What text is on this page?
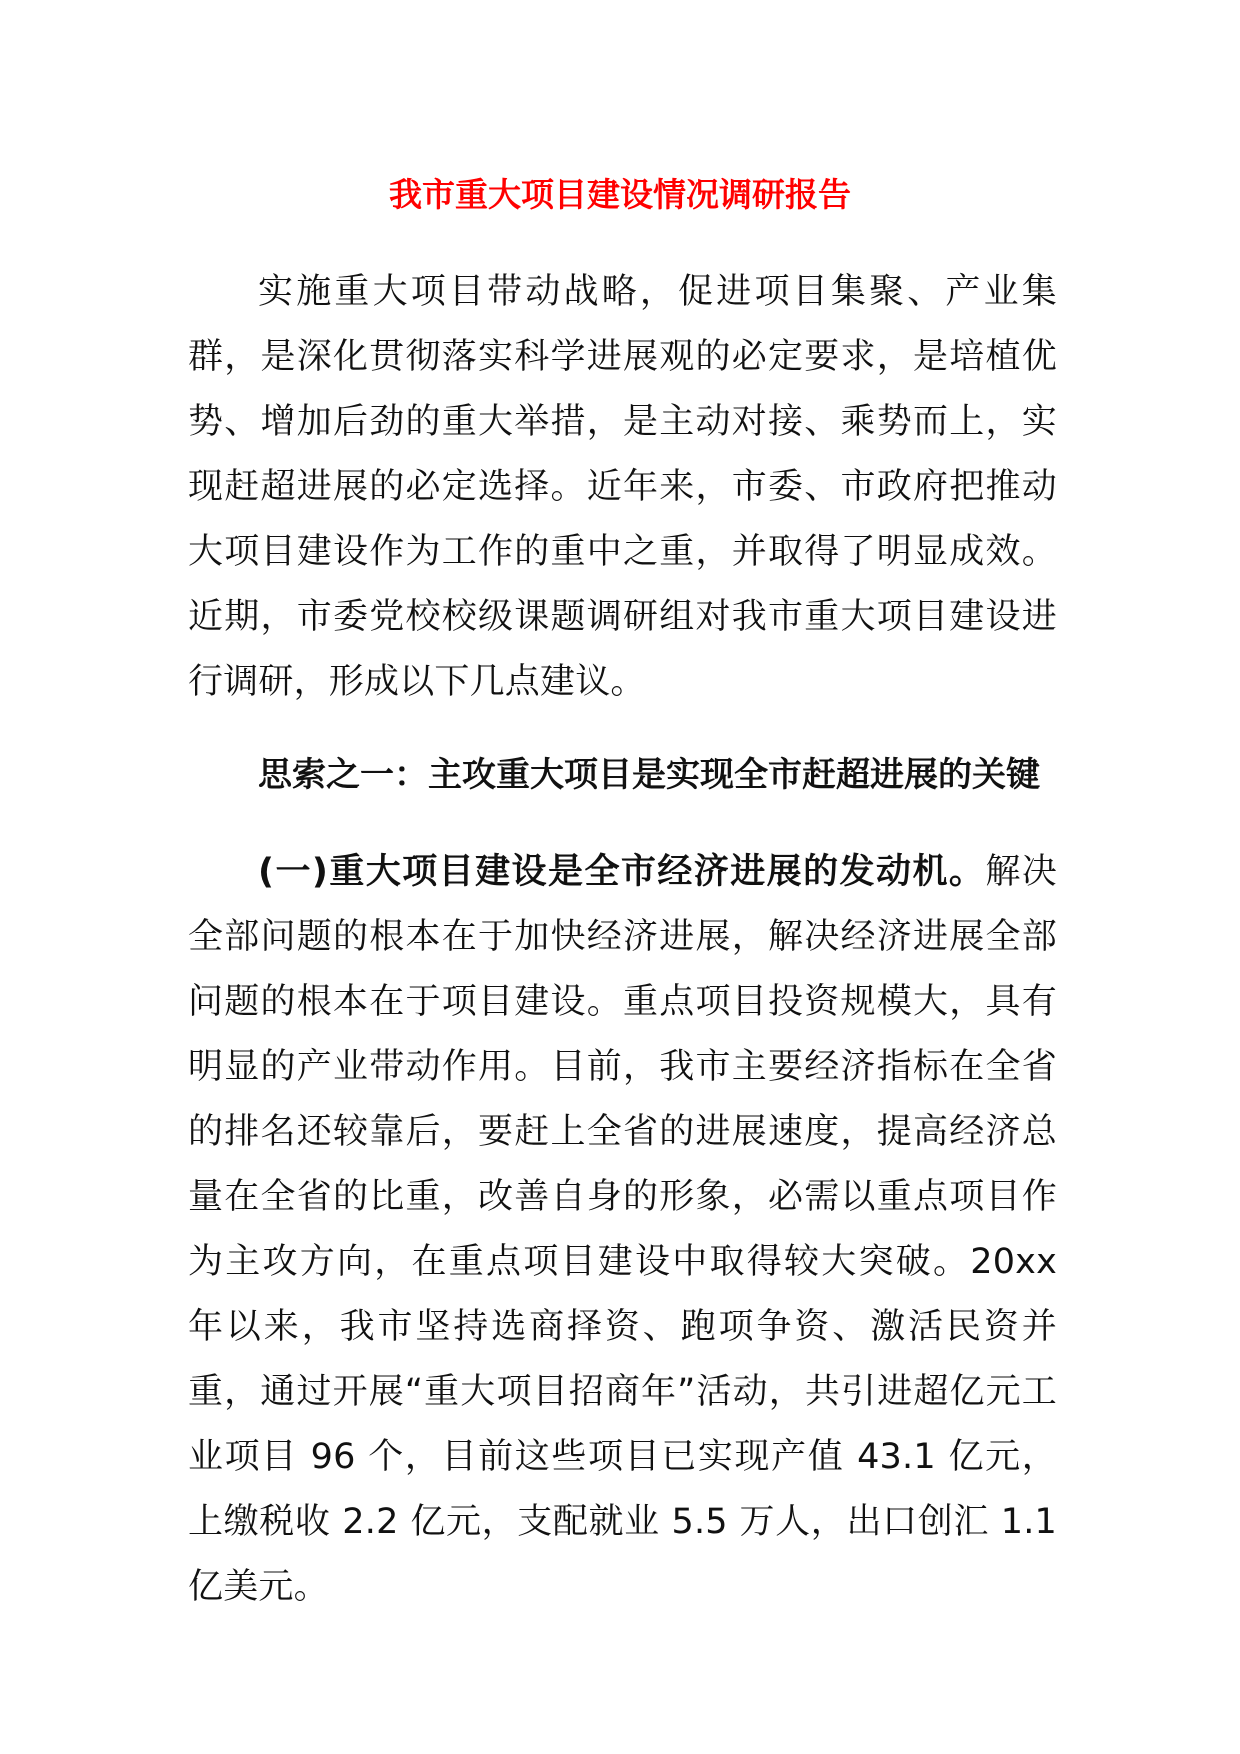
我市重大项目建设情况调研报告

实施重大项目带动战略，促进项目集聚、产业集群，是深化贯彻落实科学进展观的必定要求，是培植优势、增加后劲的重大举措，是主动对接、乘势而上，实现赶超进展的必定选择。近年来，市委、市政府把推动大项目建设作为工作的重中之重，并取得了明显成效。近期，市委党校校级课题调研组对我市重大项目建设进行调研，形成以下几点建议。

思索之一：主攻重大项目是实现全市赶超进展的关键

(一)重大项目建设是全市经济进展的发动机。解决全部问题的根本在于加快经济进展，解决经济进展全部问题的根本在于项目建设。重点项目投资规模大，具有明显的产业带动作用。目前，我市主要经济指标在全省的排名还较靠后，要赶上全省的进展速度，提高经济总量在全省的比重，改善自身的形象，必需以重点项目作为主攻方向，在重点项目建设中取得较大突破。20xx 年以来，我市坚持选商择资、跑项争资、激活民资并重，通过开展“重大项目招商年”活动，共引进超亿元工业项目 96 个，目前这些项目已实现产值 43.1 亿元，上缴税收 2.2 亿元，支配就业 5.5 万人，出口创汇 1.1 亿美元。
